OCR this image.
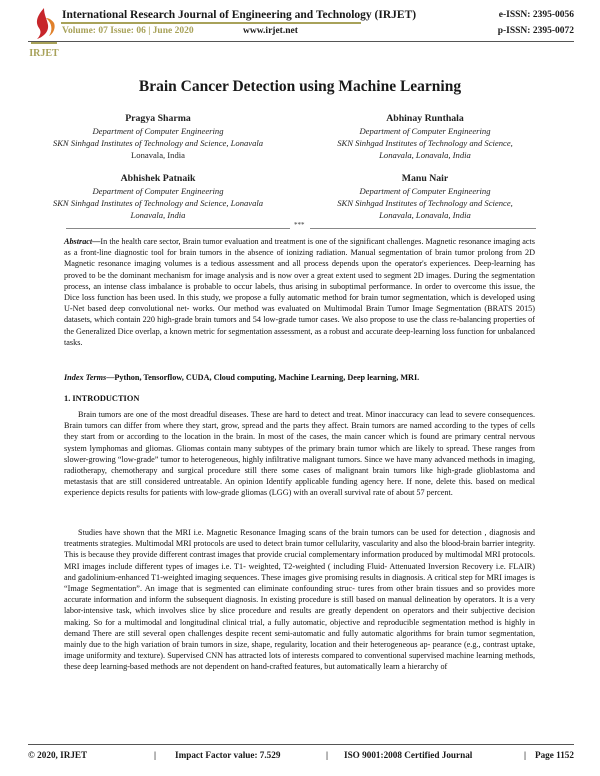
IRJET
International Research Journal of Engineering and Technology (IRJET)
Volume: 07 Issue: 06 | June 2020	www.irjet.net
e-ISSN: 2395-0056
p-ISSN: 2395-0072
Brain Cancer Detection using Machine Learning
Pragya Sharma
Department of Computer Engineering
SKN Sinhgad Institutes of Technology and Science, Lonavala
Lonavala, India
Abhinay Runthala
Department of Computer Engineering
SKN Sinhgad Institutes of Technology and Science,
Lonavala, Lonavala, India
Abhishek Patnaik
Department of Computer Engineering
SKN Sinhgad Institutes of Technology and Science, Lonavala
Lonavala, India
Manu Nair
Department of Computer Engineering
SKN Sinhgad Institutes of Technology and Science,
Lonavala, Lonavala, India
***
Abstract—In the health care sector, Brain tumor evaluation and treatment is one of the significant challenges. Magnetic resonance imaging acts as a front-line diagnostic tool for brain tumors in the absence of ionizing radiation. Manual segmentation of brain tumor prolong from 2D Magnetic resonance imaging volumes is a tedious assessment and all process depends upon the operator's experiences. Deep-learning has proved to be the dominant mechanism for image analysis and is now over a great extent used to segment 2D images. During the segmentation process, an intense class imbalance is probable to occur labels, thus arising in suboptimal performance. In order to overcome this issue, the Dice loss function has been used. In this study, we propose a fully automatic method for brain tumor segmentation, which is developed using U-Net based deep convolutional net- works. Our method was evaluated on Multimodal Brain Tumor Image Segmentation (BRATS 2015) datasets, which contain 220 high-grade brain tumors and 54 low-grade tumor cases. We also propose to use the class re-balancing properties of the Generalized Dice overlap, a known metric for segmentation assessment, as a robust and accurate deep-learning loss function for unbalanced tasks.
Index Terms—Python, Tensorflow, CUDA, Cloud computing, Machine Learning, Deep learning, MRI.
1. INTRODUCTION
Brain tumors are one of the most dreadful diseases. These are hard to detect and treat. Minor inaccuracy can lead to severe consequences. Brain tumors can differ from where they start, grow, spread and the parts they affect. Brain tumors are named according to the types of cells they start from or according to the location in the brain. In most of the cases, the main cancer which is found are primary central nervous system lymphomas and gliomas. Gliomas contain many subtypes of the primary brain tumor which are likely to spread. These ranges from slower-growing “low-grade” tumor to heterogeneous, highly infiltrative malignant tumors. Since we have many advanced methods in imaging, radiotherapy, chemotherapy and surgical procedure still there some cases of malignant brain tumors like high-grade glioblastoma and metastasis that are still considered untreatable. An opinion Identify applicable funding agency here. If none, delete this. based on medical experience depicts results for patients with low-grade gliomas (LGG) with an overall survival rate of about 57 percent.
Studies have shown that the MRI i.e. Magnetic Resonance Imaging scans of the brain tumors can be used for detection , diagnosis and treatments strategies. Multimodal MRI protocols are used to detect brain tumor cellularity, vascularity and also the blood-brain barrier integrity. This is because they provide different contrast images that provide crucial complementary information produced by multimodal MRI protocols. MRI images include different types of images i.e. T1- weighted, T2-weighted ( including Fluid- Attenuated Inversion Recovery i.e. FLAIR) and gadolinium-enhanced T1-weighted imaging sequences. These images give promising results in diagnosis. A critical step for MRI images is “Image Segmentation”. An image that is segmented can eliminate confounding struc- tures from other brain tissues and so provides more accurate information and inform the subsequent diagnosis. In existing procedure is still based on manual delineation by operators. It is a very labor-intensive task, which involves slice by slice procedure and results are greatly dependent on operators and their subjective decision making. So for a multimodal and longitudinal clinical trial, a fully automatic, objective and reproducible segmentation method is highly in demand There are still several open challenges despite recent semi-automatic and fully automatic algorithms for brain tumor segmentation, mainly due to the high variation of brain tumors in size, shape, regularity, location and their heterogeneous ap- pearance (e.g., contrast uptake, image uniformity and texture). Supervised CNN has attracted lots of interests compared to conventional supervised machine learning methods, these deep learning-based methods are not dependent on hand-crafted features, but automatically learn a hierarchy of
© 2020, IRJET	| Impact Factor value: 7.529	| ISO 9001:2008 Certified Journal	| Page 1152
